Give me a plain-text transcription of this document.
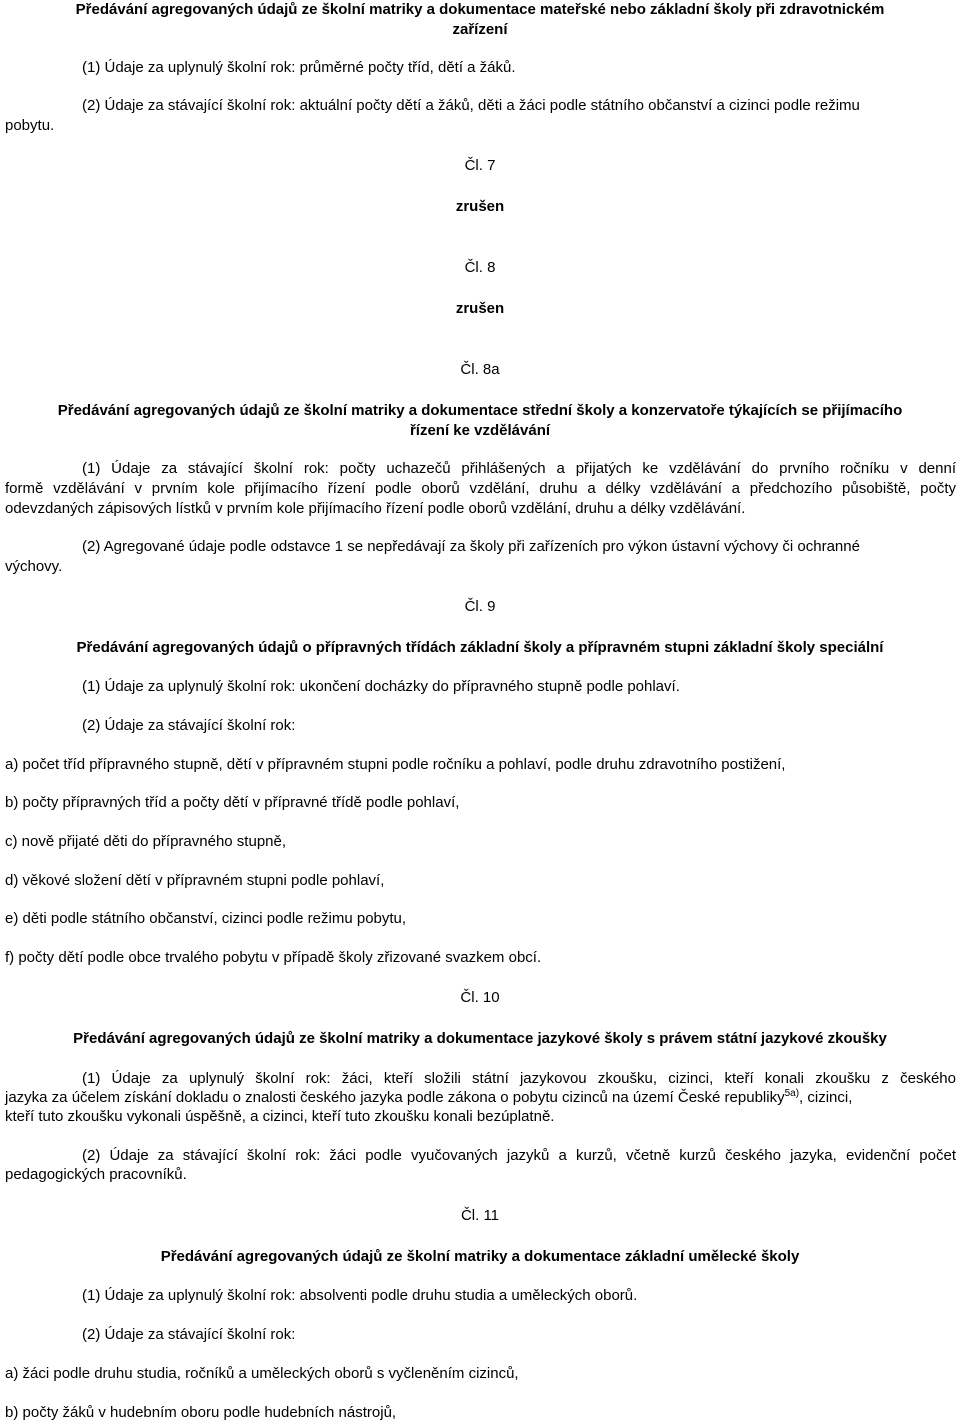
Předávání agregovaných údajů ze školní matriky a dokumentace mateřské nebo základní školy při zdravotnickém
zařízení
(1) Údaje za uplynulý školní rok: průměrné počty tříd, dětí a žáků.
(2) Údaje za stávající školní rok: aktuální počty dětí a žáků, děti a žáci podle státního občanství a cizinci podle režimu
pobytu.
Čl. 7
zrušen
Čl. 8
zrušen
Čl. 8a
Předávání agregovaných údajů ze školní matriky a dokumentace střední školy a konzervatoře týkajících se přijímacího
řízení ke vzdělávání
(1) Údaje za stávající školní rok: počty uchazečů přihlášených a přijatých ke vzdělávání do prvního ročníku v denní
formě vzdělávání v prvním kole přijímacího řízení podle oborů vzdělání, druhu a délky vzdělávání a předchozího působiště, počty
odevzdaných zápisových lístků v prvním kole přijímacího řízení podle oborů vzdělání, druhu a délky vzdělávání.
(2) Agregované údaje podle odstavce 1 se nepředávají za školy při zařízeních pro výkon ústavní výchovy či ochranné
výchovy.
Čl. 9
Předávání agregovaných údajů o přípravných třídách základní školy a přípravném stupni základní školy speciální
(1) Údaje za uplynulý školní rok: ukončení docházky do přípravného stupně podle pohlaví.
(2) Údaje za stávající školní rok:
a) počet tříd přípravného stupně, dětí v přípravném stupni podle ročníku a pohlaví, podle druhu zdravotního postižení,
b) počty přípravných tříd a počty dětí v přípravné třídě podle pohlaví,
c) nově přijaté děti do přípravného stupně,
d) věkové složení dětí v přípravném stupni podle pohlaví,
e) děti podle státního občanství, cizinci podle režimu pobytu,
f) počty dětí podle obce trvalého pobytu v případě školy zřizované svazkem obcí.
Čl. 10
Předávání agregovaných údajů ze školní matriky a dokumentace jazykové školy s právem státní jazykové zkoušky
(1) Údaje za uplynulý školní rok: žáci, kteří složili státní jazykovou zkoušku, cizinci, kteří konali zkoušku z českého
jazyka za účelem získání dokladu o znalosti českého jazyka podle zákona o pobytu cizinců na území České republiky$^{5a)}$, cizinci,
kteří tuto zkoušku vykonali úspěšně, a cizinci, kteří tuto zkoušku konali bezúplatně.
(2) Údaje za stávající školní rok: žáci podle vyučovaných jazyků a kurzů, včetně kurzů českého jazyka, evidenční počet
pedagogických pracovníků.
Čl. 11
Předávání agregovaných údajů ze školní matriky a dokumentace základní umělecké školy
(1) Údaje za uplynulý školní rok: absolventi podle druhu studia a uměleckých oborů.
(2) Údaje za stávající školní rok:
a) žáci podle druhu studia, ročníků a uměleckých oborů s vyčleněním cizinců,
b) počty žáků v hudebním oboru podle hudebních nástrojů,
